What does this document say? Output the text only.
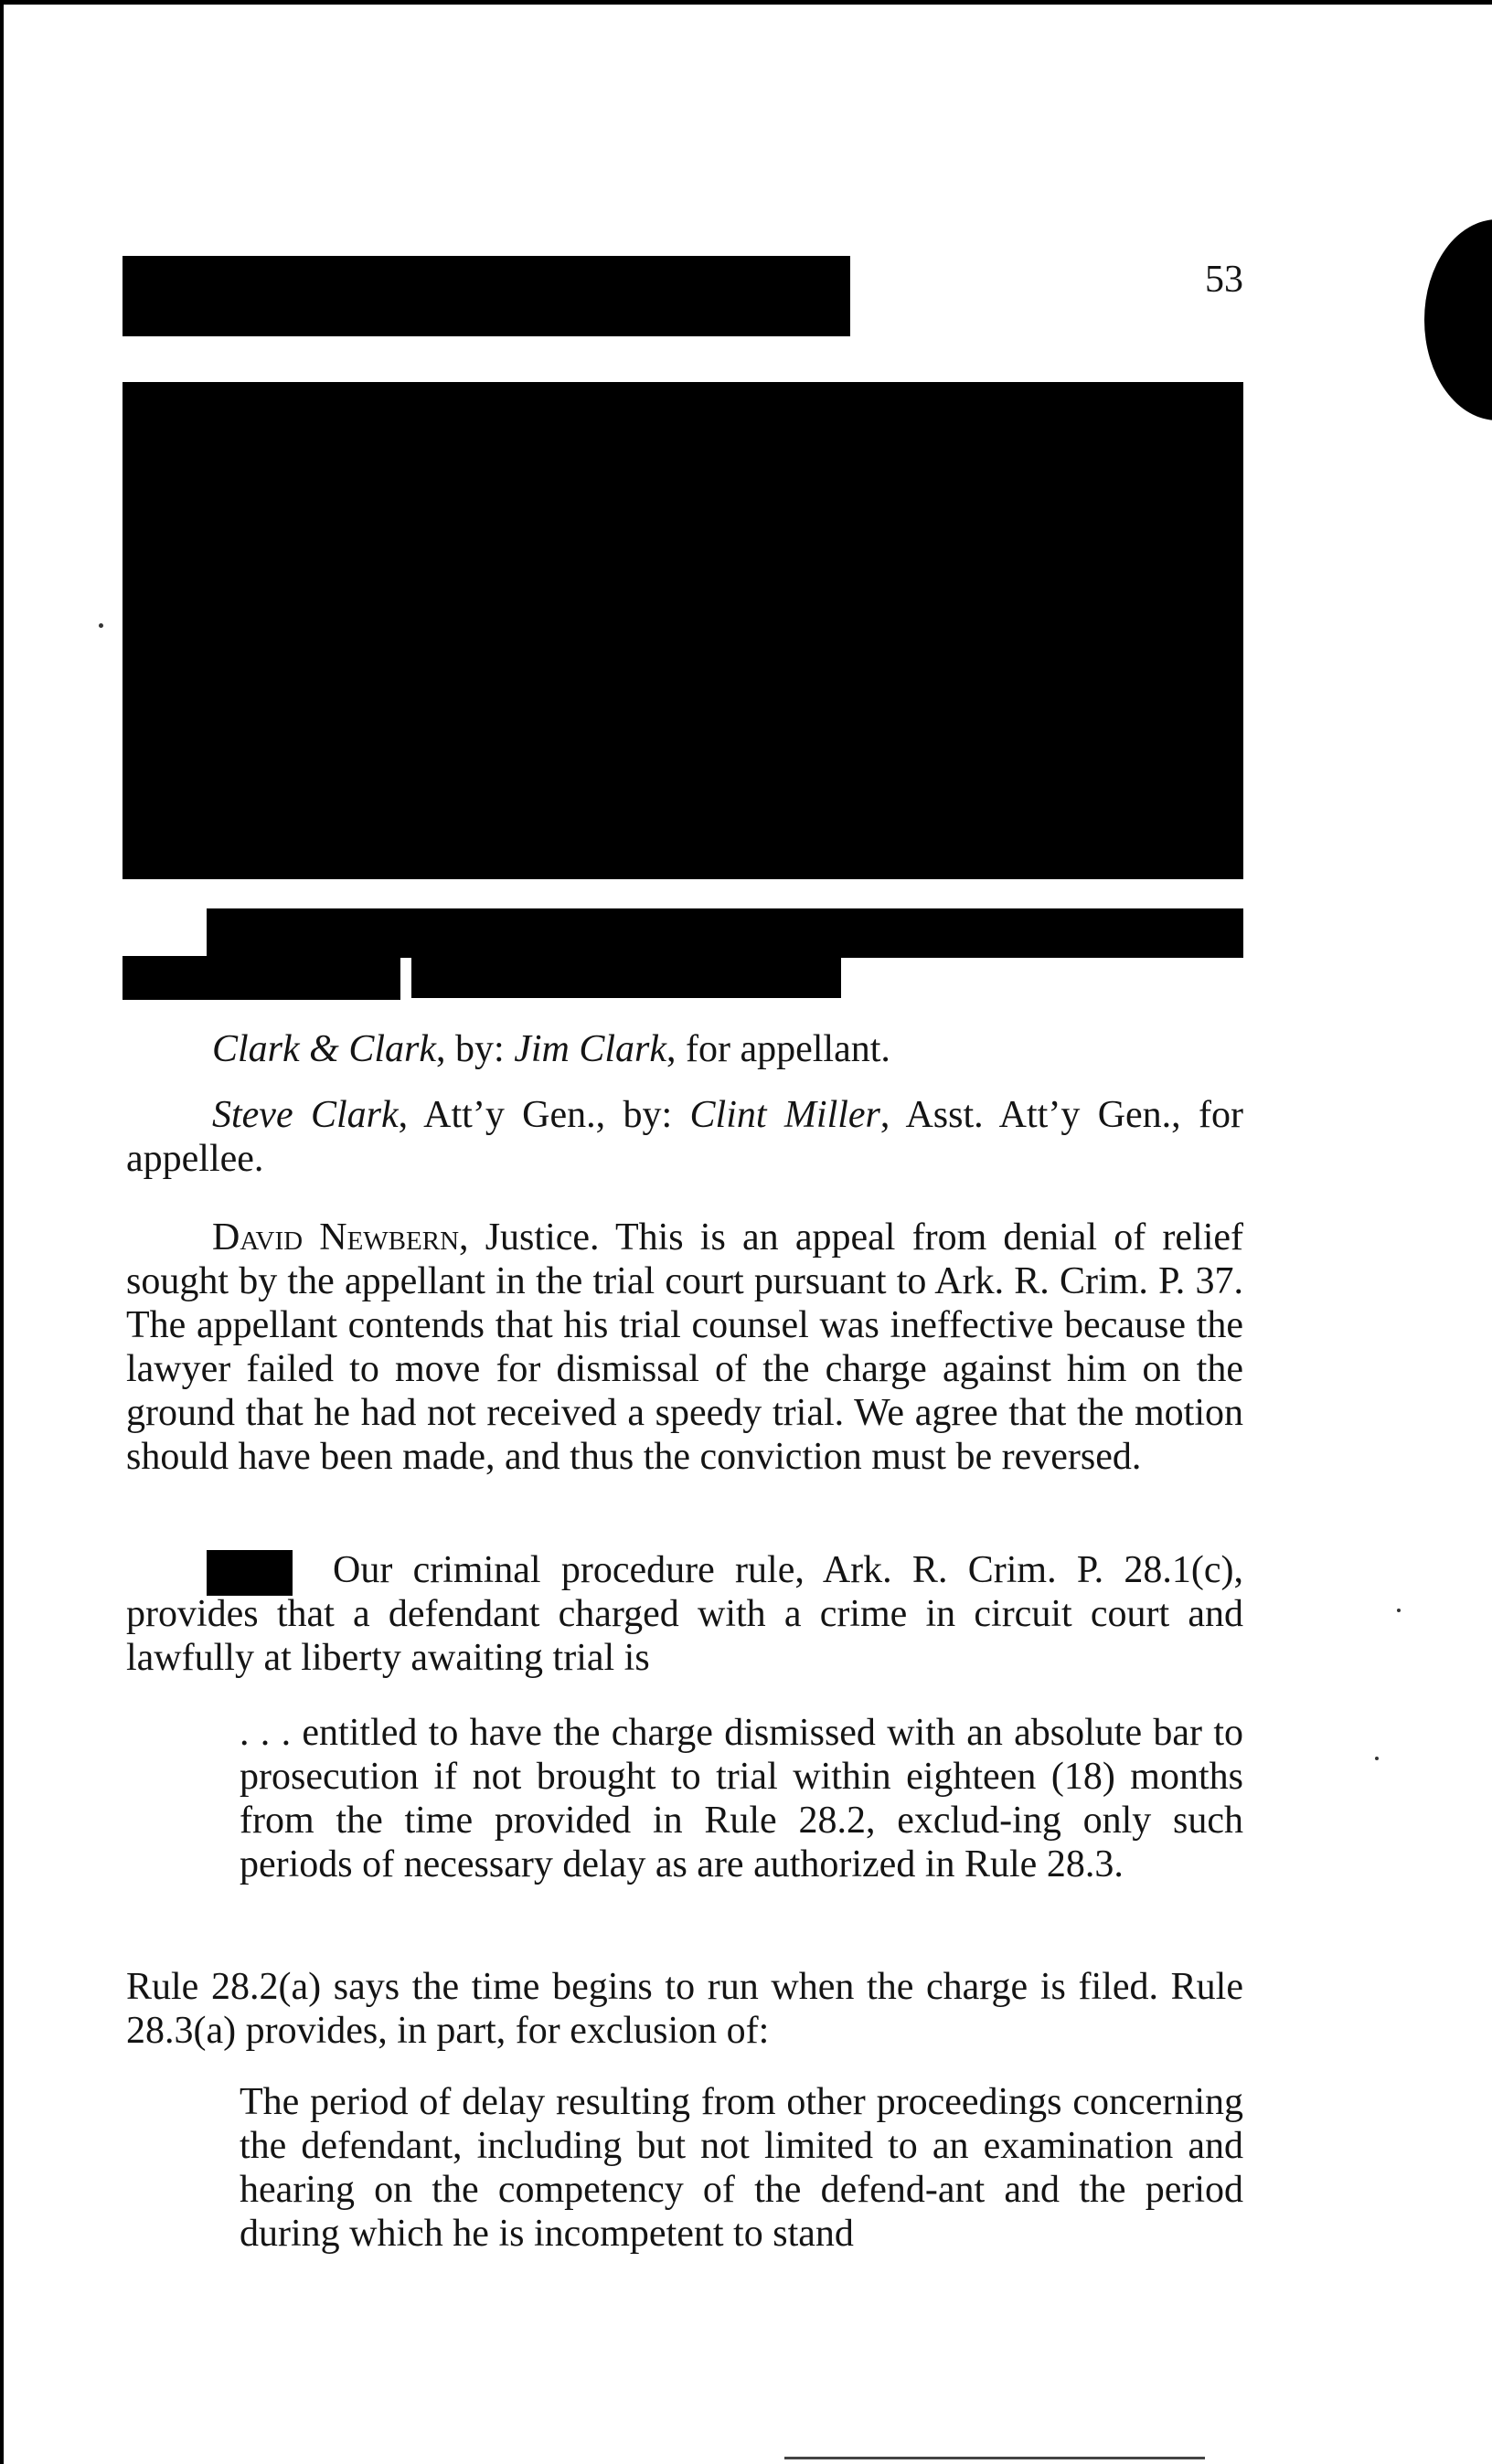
53

Clark & Clark, by: Jim Clark, for appellant.

Steve Clark, Att’y Gen., by: Clint Miller, Asst. Att’y Gen., for appellee.

David Newbern, Justice. This is an appeal from denial of relief sought by the appellant in the trial court pursuant to Ark. R. Crim. P. 37. The appellant contends that his trial counsel was ineffective because the lawyer failed to move for dismissal of the charge against him on the ground that he had not received a speedy trial. We agree that the motion should have been made, and thus the conviction must be reversed.

Our criminal procedure rule, Ark. R. Crim. P. 28.1(c), provides that a defendant charged with a crime in circuit court and lawfully at liberty awaiting trial is

. . . entitled to have the charge dismissed with an absolute bar to prosecution if not brought to trial within eighteen (18) months from the time provided in Rule 28.2, exclud-ing only such periods of necessary delay as are authorized in Rule 28.3.

Rule 28.2(a) says the time begins to run when the charge is filed. Rule 28.3(a) provides, in part, for exclusion of:

The period of delay resulting from other proceedings concerning the defendant, including but not limited to an examination and hearing on the competency of the defend-ant and the period during which he is incompetent to stand
